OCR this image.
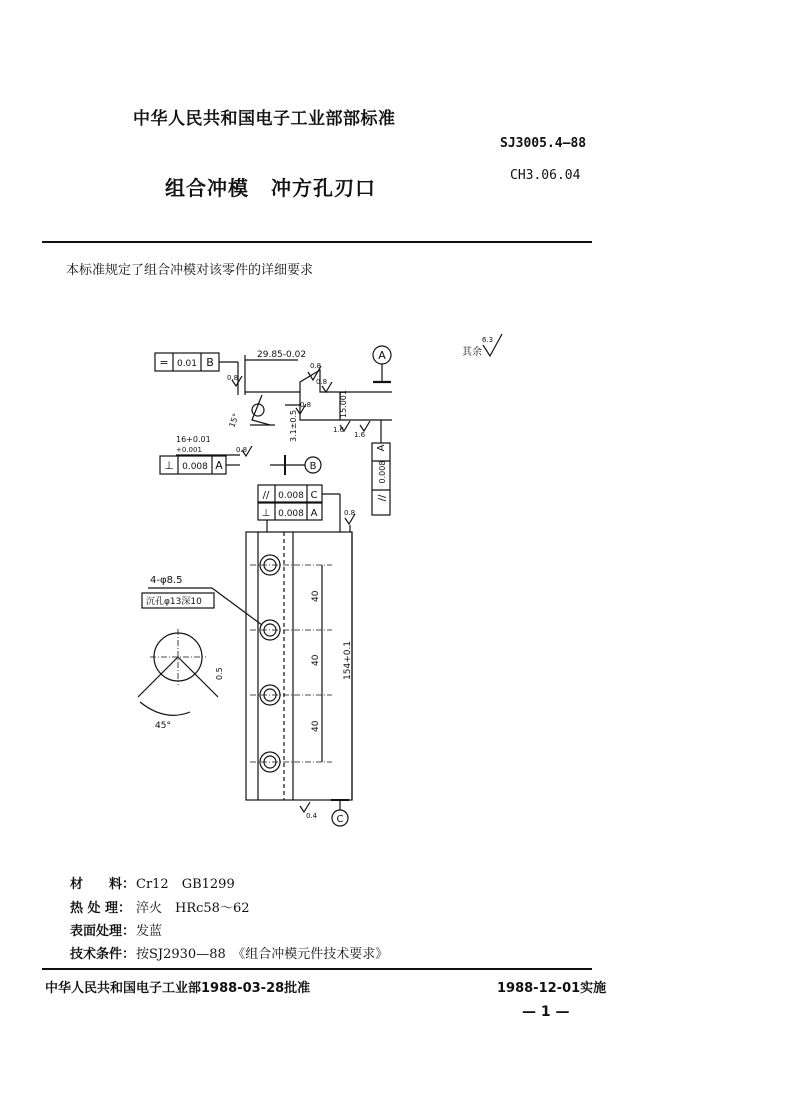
中华人民共和国电子工业部部标准
SJ3005.4—88
CH3.06.04
组合冲模 冲方孔刃口
本标准规定了组合冲模对该零件的详细要求
= 0.01 B
29.85-0.02	A
0.8
0.8
0.8
0.8
1.6
1.6
15.001
15°
16+0.01
+0.001
⊥ 0.008 A
0.8
B
3.1±0.5
A
0.008
//
// 0.008 C
⊥ 0.008 A	0.8
40
40
40
154+0.1
4-φ8.5
沉孔φ13深10
45°
0.5
0.4 C
其余
6.3
材　　料：Cr12　GB1299
热 处 理： 淬火　HRc58～62
表面处理：发蓝
技术条件：按SJ2930—88　《组合冲模元件技术要求》
中华人民共和国电子工业部1988-03-28批准	1988-12-01实施
— 1 —
